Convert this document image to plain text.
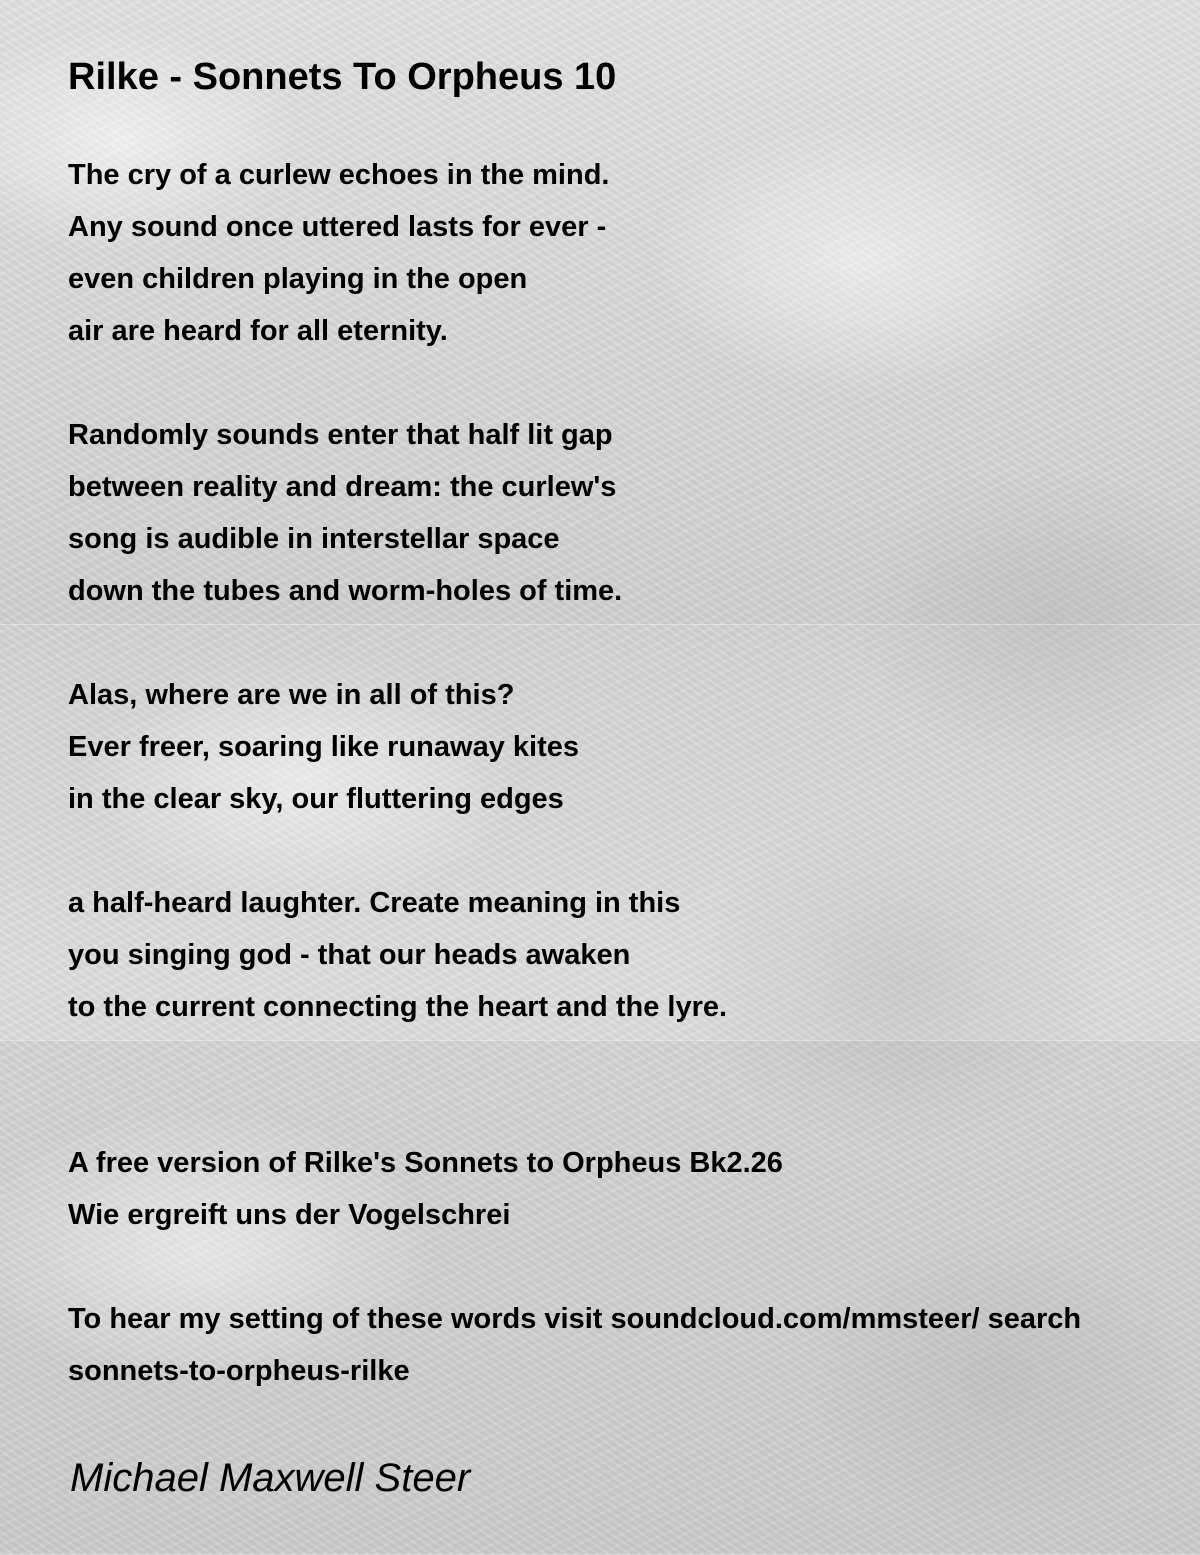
Rilke - Sonnets To Orpheus 10
The cry of a curlew echoes in the mind.
Any sound once uttered lasts for ever -
even children playing in the open
air are heard for all eternity.
Randomly sounds enter that half lit gap
between reality and dream: the curlew's
song is audible in interstellar space
down the tubes and worm-holes of time.
Alas, where are we in all of this?
Ever freer, soaring like runaway kites
in the clear sky, our fluttering edges
a half-heard laughter. Create meaning in this
you singing god - that our heads awaken
to the current connecting the heart and the lyre.
A free version of Rilke's Sonnets to Orpheus Bk2.26
Wie ergreift uns der Vogelschrei
To hear my setting of these words visit soundcloud.com/mmsteer/ search
sonnets-to-orpheus-rilke
Michael Maxwell Steer
